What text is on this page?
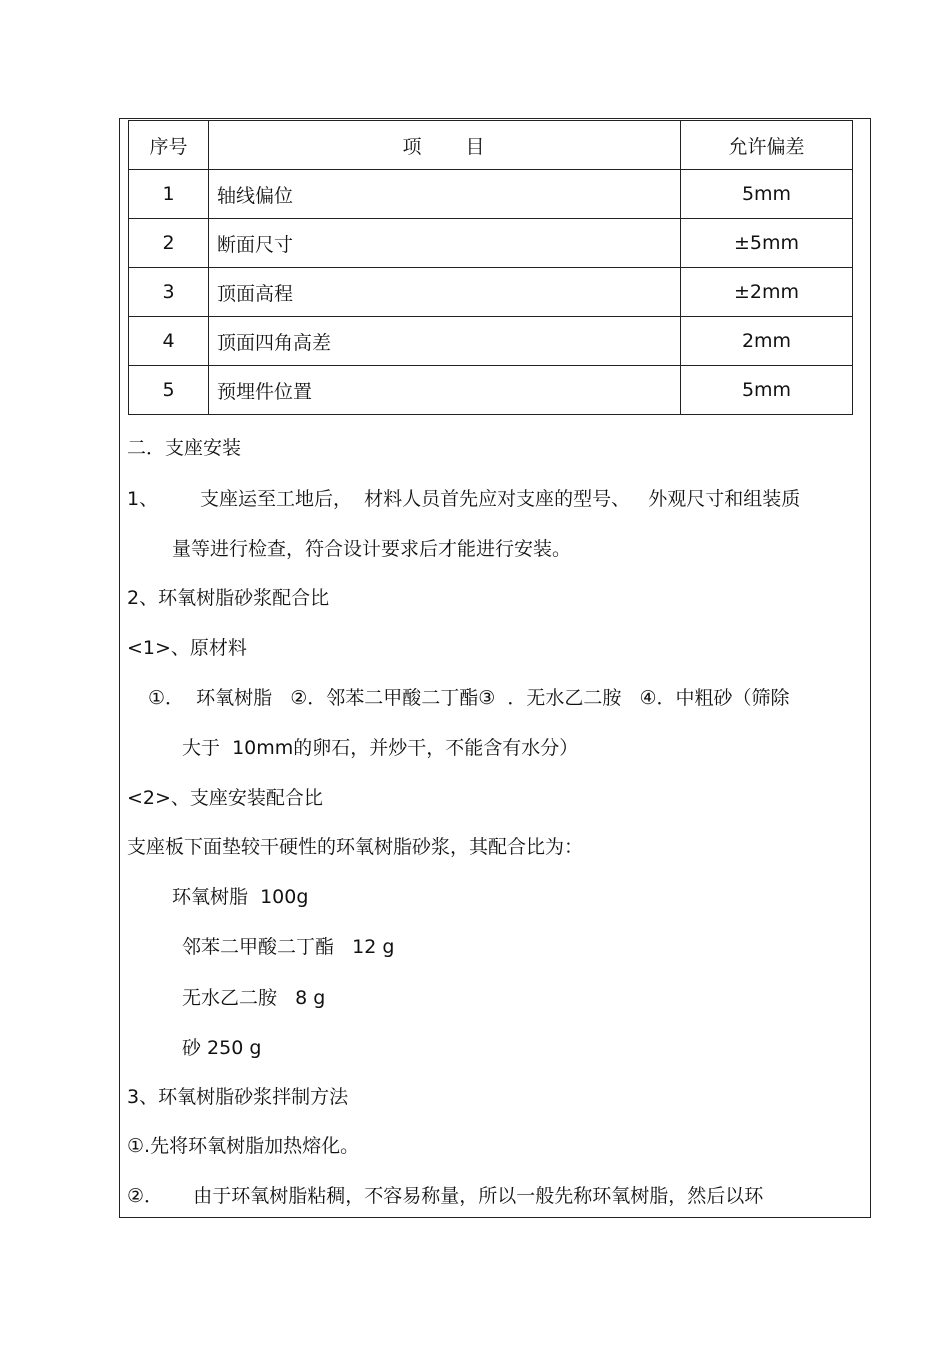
序号	项　　目	允许偏差
1	轴线偏位	5mm
2	断面尺寸	±5mm
3	顶面高程	±2mm
4	顶面四角高差	2mm
5	预埋件位置	5mm
二．支座安装
1、 支座运至工地后，  材料人员首先应对支座的型号、   外观尺寸和组装质
量等进行检查，符合设计要求后才能进行安装。
2、环氧树脂砂浆配合比
<1>、原材料
①．  环氧树脂   ②．邻苯二甲酸二丁酯③  ．无水乙二胺   ④．中粗砂（筛除
大于  10mm的卵石，并炒干，不能含有水分）
<2>、支座安装配合比
支座板下面垫较干硬性的环氧树脂砂浆，其配合比为：
环氧树脂  100g
邻苯二甲酸二丁酯   12 g
无水乙二胺   8 g
砂 250 g
3、环氧树脂砂浆拌制方法
①.先将环氧树脂加热熔化。
②．     由于环氧树脂粘稠，不容易称量，所以一般先称环氧树脂，然后以环
